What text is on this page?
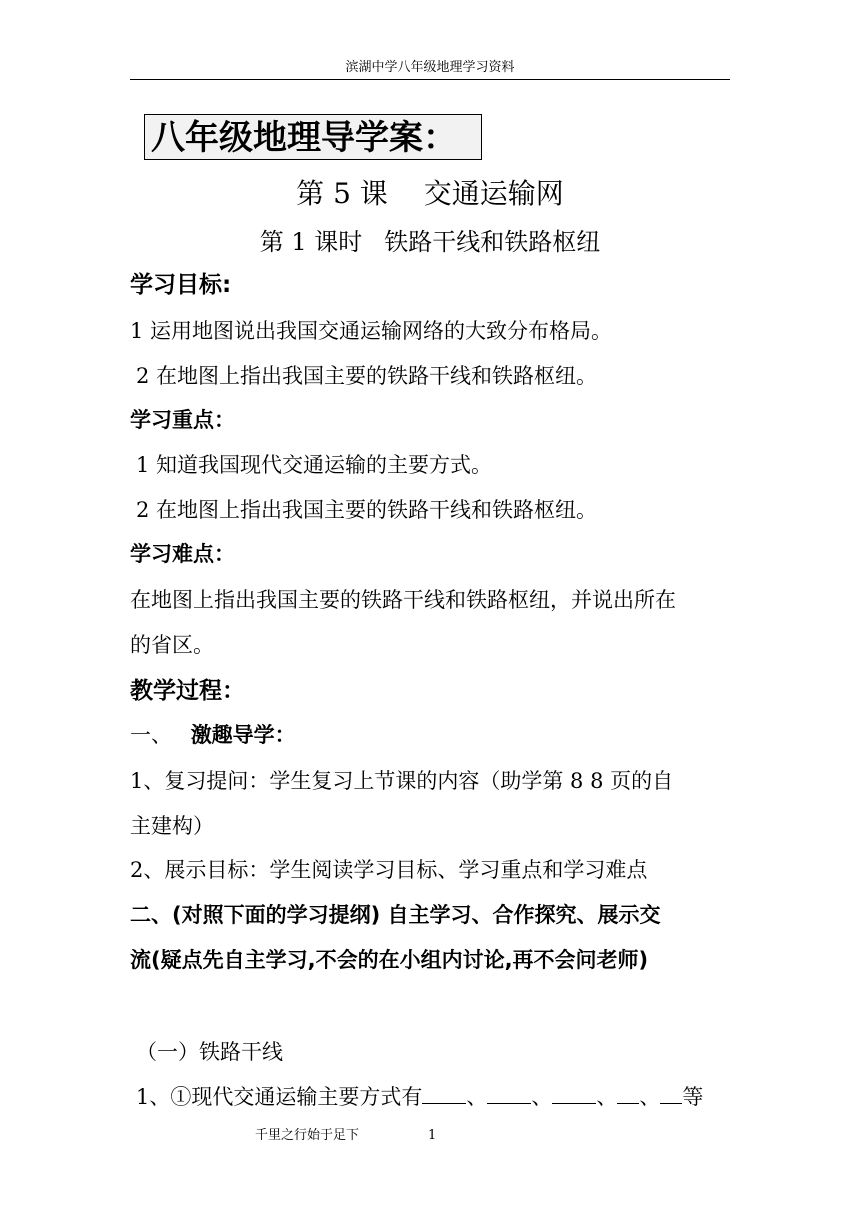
滨湖中学八年级地理学习资料
八年级地理导学案：
第 5 课 交通运输网
第 1 课时 铁路干线和铁路枢纽
学习目标:
1 运用地图说出我国交通运输网络的大致分布格局。
2 在地图上指出我国主要的铁路干线和铁路枢纽。
学习重点：
1 知道我国现代交通运输的主要方式。
2 在地图上指出我国主要的铁路干线和铁路枢纽。
学习难点：
在地图上指出我国主要的铁路干线和铁路枢纽，并说出所在
的省区。
教学过程：
一、 激趣导学：
1、复习提问：学生复习上节课的内容（助学第 8 8 页的自
主建构）
2、展示目标：学生阅读学习目标、学习重点和学习难点
二、(对照下面的学习提纲) 自主学习、合作探究、展示交
流(疑点先自主学习,不会的在小组内讨论,再不会问老师)
（一）铁路干线
1、①现代交通运输主要方式有 、 、 、 、 等
千里之行始于足下	1
